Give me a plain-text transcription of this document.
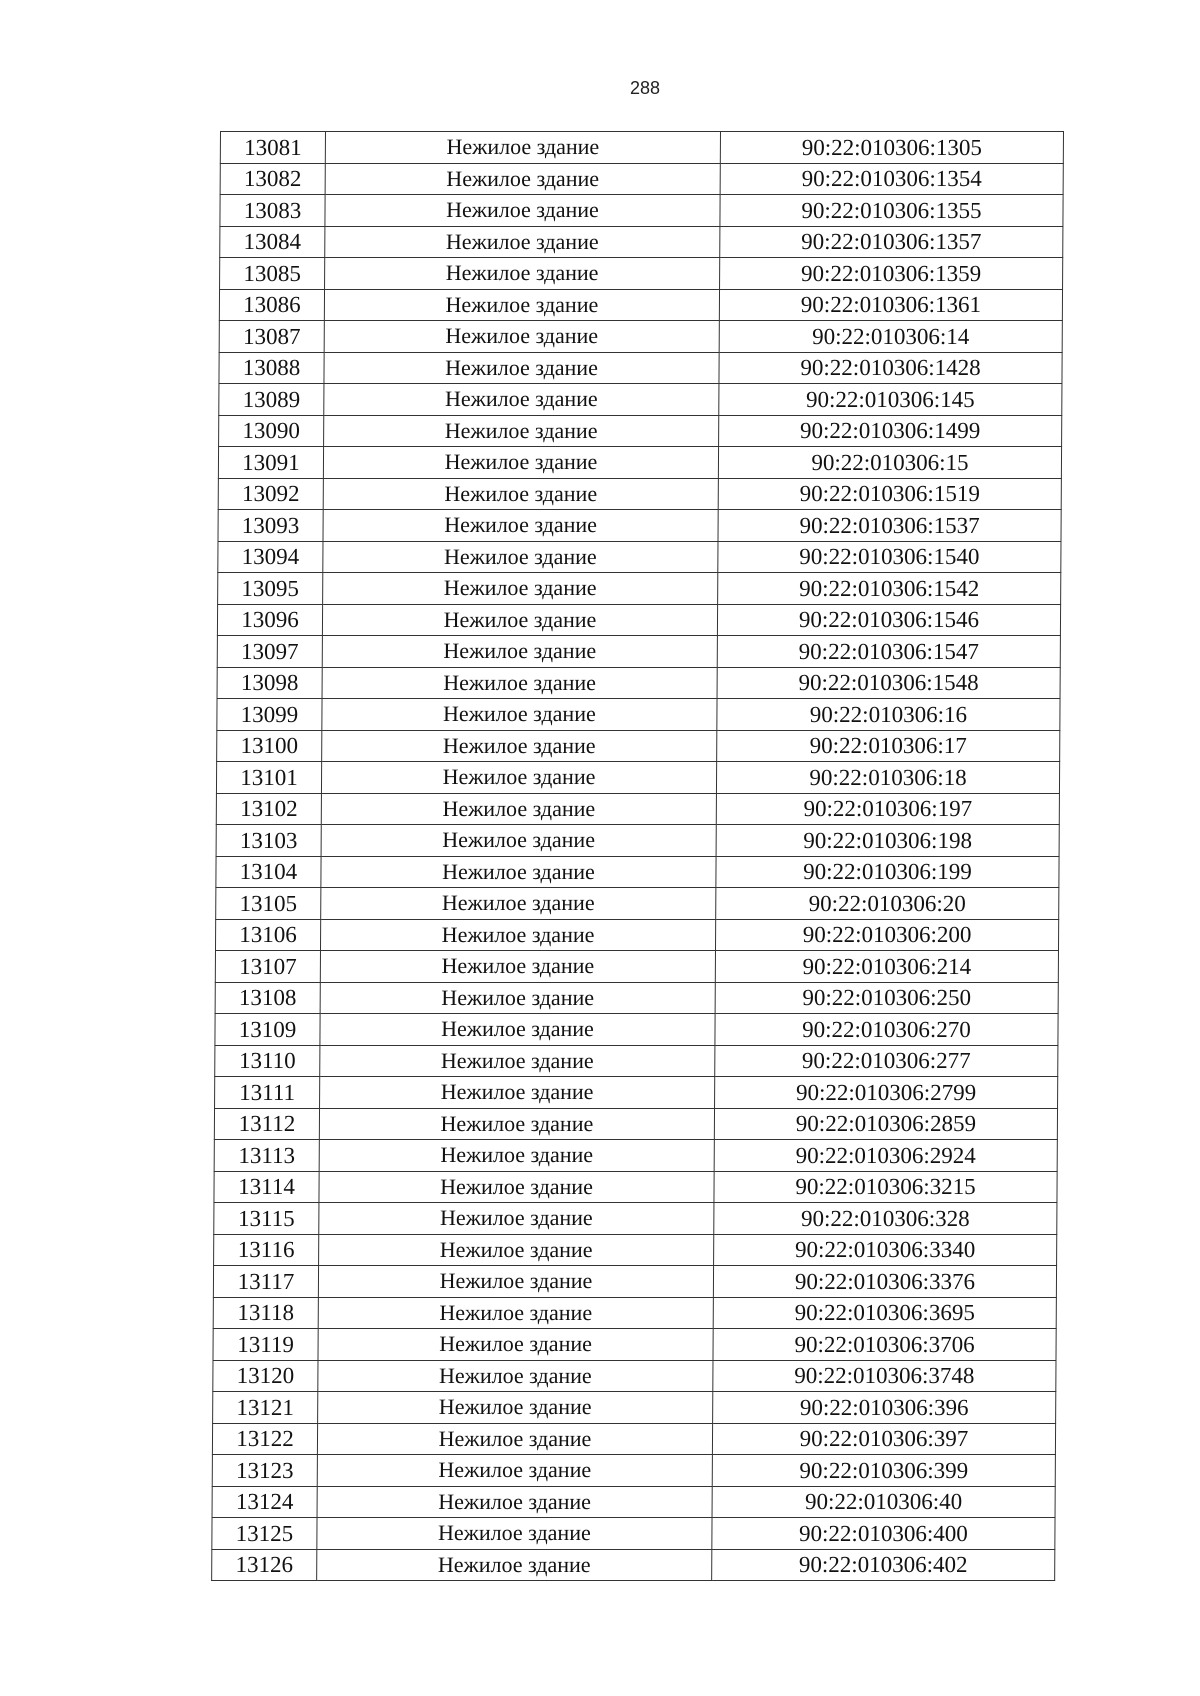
288
13081	Нежилое здание	90:22:010306:1305
13082	Нежилое здание	90:22:010306:1354
13083	Нежилое здание	90:22:010306:1355
13084	Нежилое здание	90:22:010306:1357
13085	Нежилое здание	90:22:010306:1359
13086	Нежилое здание	90:22:010306:1361
13087	Нежилое здание	90:22:010306:14
13088	Нежилое здание	90:22:010306:1428
13089	Нежилое здание	90:22:010306:145
13090	Нежилое здание	90:22:010306:1499
13091	Нежилое здание	90:22:010306:15
13092	Нежилое здание	90:22:010306:1519
13093	Нежилое здание	90:22:010306:1537
13094	Нежилое здание	90:22:010306:1540
13095	Нежилое здание	90:22:010306:1542
13096	Нежилое здание	90:22:010306:1546
13097	Нежилое здание	90:22:010306:1547
13098	Нежилое здание	90:22:010306:1548
13099	Нежилое здание	90:22:010306:16
13100	Нежилое здание	90:22:010306:17
13101	Нежилое здание	90:22:010306:18
13102	Нежилое здание	90:22:010306:197
13103	Нежилое здание	90:22:010306:198
13104	Нежилое здание	90:22:010306:199
13105	Нежилое здание	90:22:010306:20
13106	Нежилое здание	90:22:010306:200
13107	Нежилое здание	90:22:010306:214
13108	Нежилое здание	90:22:010306:250
13109	Нежилое здание	90:22:010306:270
13110	Нежилое здание	90:22:010306:277
13111	Нежилое здание	90:22:010306:2799
13112	Нежилое здание	90:22:010306:2859
13113	Нежилое здание	90:22:010306:2924
13114	Нежилое здание	90:22:010306:3215
13115	Нежилое здание	90:22:010306:328
13116	Нежилое здание	90:22:010306:3340
13117	Нежилое здание	90:22:010306:3376
13118	Нежилое здание	90:22:010306:3695
13119	Нежилое здание	90:22:010306:3706
13120	Нежилое здание	90:22:010306:3748
13121	Нежилое здание	90:22:010306:396
13122	Нежилое здание	90:22:010306:397
13123	Нежилое здание	90:22:010306:399
13124	Нежилое здание	90:22:010306:40
13125	Нежилое здание	90:22:010306:400
13126	Нежилое здание	90:22:010306:402
